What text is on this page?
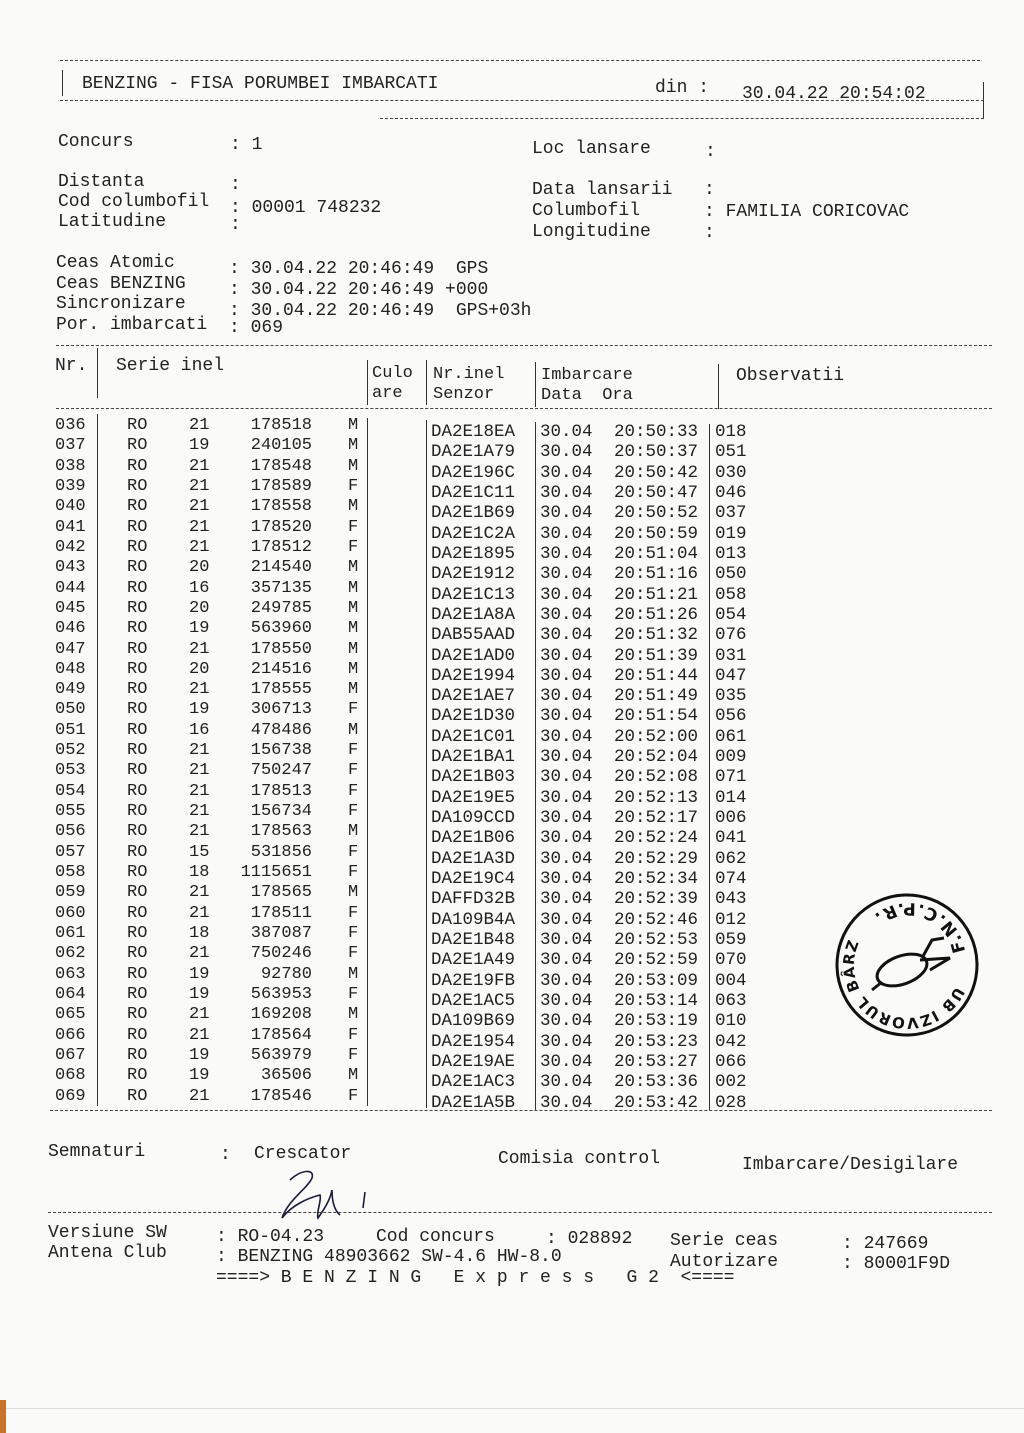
BENZING - FISA PORUMBEI IMBARCATI	din : 30.04.22 20:54:02
Concurs	: 1	Loc lansare	:
Distanta	:
Cod columbofil : 00001 748232
Latitudine	:
Data lansarii :
Columbofil	: FAMILIA CORICOVAC
Longitudine	:
Ceas Atomic	: 30.04.22 20:46:49  GPS
Ceas BENZING : 30.04.22 20:46:49 +000
Sincronizare : 30.04.22 20:46:49  GPS+03h
Por. imbarcati : 069
Nr. Serie inel	Culo
are
Nr.inel
Senzor
Imbarcare
Data  Ora
Observatii
036 RO 21 178518 M	DA2E18EA 30.04 20:50:33 018
037 RO 19 240105 M	DA2E1A79 30.04 20:50:37 051
038 RO 21 178548 M	DA2E196C 30.04 20:50:42 030
039 RO 21 178589 F	DA2E1C11 30.04 20:50:47 046
040 RO 21 178558 M	DA2E1B69 30.04 20:50:52 037
041 RO 21 178520 F	DA2E1C2A 30.04 20:50:59 019
042 RO 21 178512 F	DA2E1895 30.04 20:51:04 013
043 RO 20 214540 M	DA2E1912 30.04 20:51:16 050
044 RO 16 357135 M	DA2E1C13 30.04 20:51:21 058
045 RO 20 249785 M	DA2E1A8A 30.04 20:51:26 054
046 RO 19 563960 M	DAB55AAD 30.04 20:51:32 076
047 RO 21 178550 M	DA2E1AD0 30.04 20:51:39 031
048 RO 20 214516 M	DA2E1994 30.04 20:51:44 047
049 RO 21 178555 M	DA2E1AE7 30.04 20:51:49 035
050 RO 19 306713 F	DA2E1D30 30.04 20:51:54 056
051 RO 16 478486 M	DA2E1C01 30.04 20:52:00 061
052 RO 21 156738 F	DA2E1BA1 30.04 20:52:04 009
053 RO 21 750247 F	DA2E1B03 30.04 20:52:08 071
054 RO 21 178513 F	DA2E19E5 30.04 20:52:13 014
055 RO 21 156734 F	DA109CCD 30.04 20:52:17 006
056 RO 21 178563 M	DA2E1B06 30.04 20:52:24 041
057 RO 15 531856 F	DA2E1A3D 30.04 20:52:29 062
058 RO 18 1115651 F	DA2E19C4 30.04 20:52:34 074
059 RO 21 178565 M	DAFFD32B 30.04 20:52:39 043
060 RO 21 178511 F	DA109B4A 30.04 20:52:46 012
061 RO 18 387087 F	DA2E1B48 30.04 20:52:53 059
062 RO 21 750246 F	DA2E1A49 30.04 20:52:59 070
063 RO 19	92780 M	DA2E19FB 30.04 20:53:09 004
064 RO 19 563953 F	DA2E1AC5 30.04 20:53:14 063
065 RO 21 169208 M	DA109B69 30.04 20:53:19 010
066 RO 21 178564 F	DA2E1954 30.04 20:53:23 042
067 RO 19 563979 F	DA2E19AE 30.04 20:53:27 066
068 RO 19	36506 M	DA2E1AC3 30.04 20:53:36 002
069 RO 21 178546 F	DA2E1A5B 30.04 20:53:42 028
Semnaturi	: Crescator	Comisia control	Imbarcare/Desigilare
Versiune SW	: RO-04.23	Cod concurs	: 028892 Serie ceas	: 247669
Antena Club	: BENZING 48903662 SW-4.6 HW-8.0	Autorizare	: 80001F9D
====> B E N Z I N G   E x p r e s s   G 2  <====
CLUB IZVORUL BÂRZII
F.N.C.P.R.
